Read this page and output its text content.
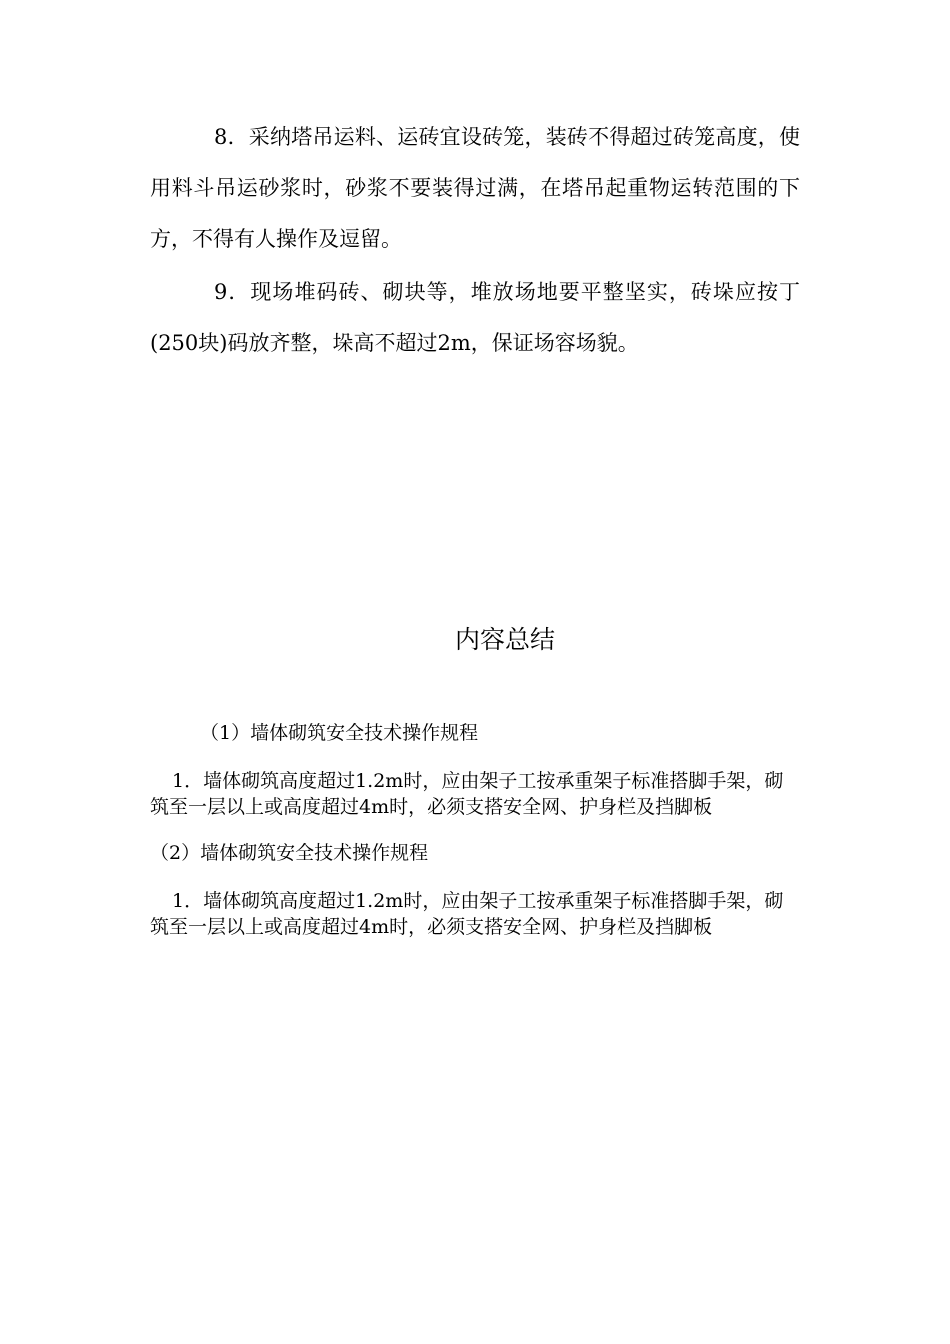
8．采纳塔吊运料、运砖宜设砖笼，装砖不得超过砖笼高度，使用料斗吊运砂浆时，砂浆不要装得过满，在塔吊起重物运转范围的下方，不得有人操作及逗留。

9．现场堆码砖、砌块等，堆放场地要平整坚实，砖垛应按丁(250块)码放齐整，垛高不超过2m，保证场容场貌。

内容总结

（1）墙体砌筑安全技术操作规程

1．墙体砌筑高度超过1.2m时，应由架子工按承重架子标准搭脚手架，砌筑至一层以上或高度超过4m时，必须支搭安全网、护身栏及挡脚板

（2）墙体砌筑安全技术操作规程

1．墙体砌筑高度超过1.2m时，应由架子工按承重架子标准搭脚手架，砌筑至一层以上或高度超过4m时，必须支搭安全网、护身栏及挡脚板
